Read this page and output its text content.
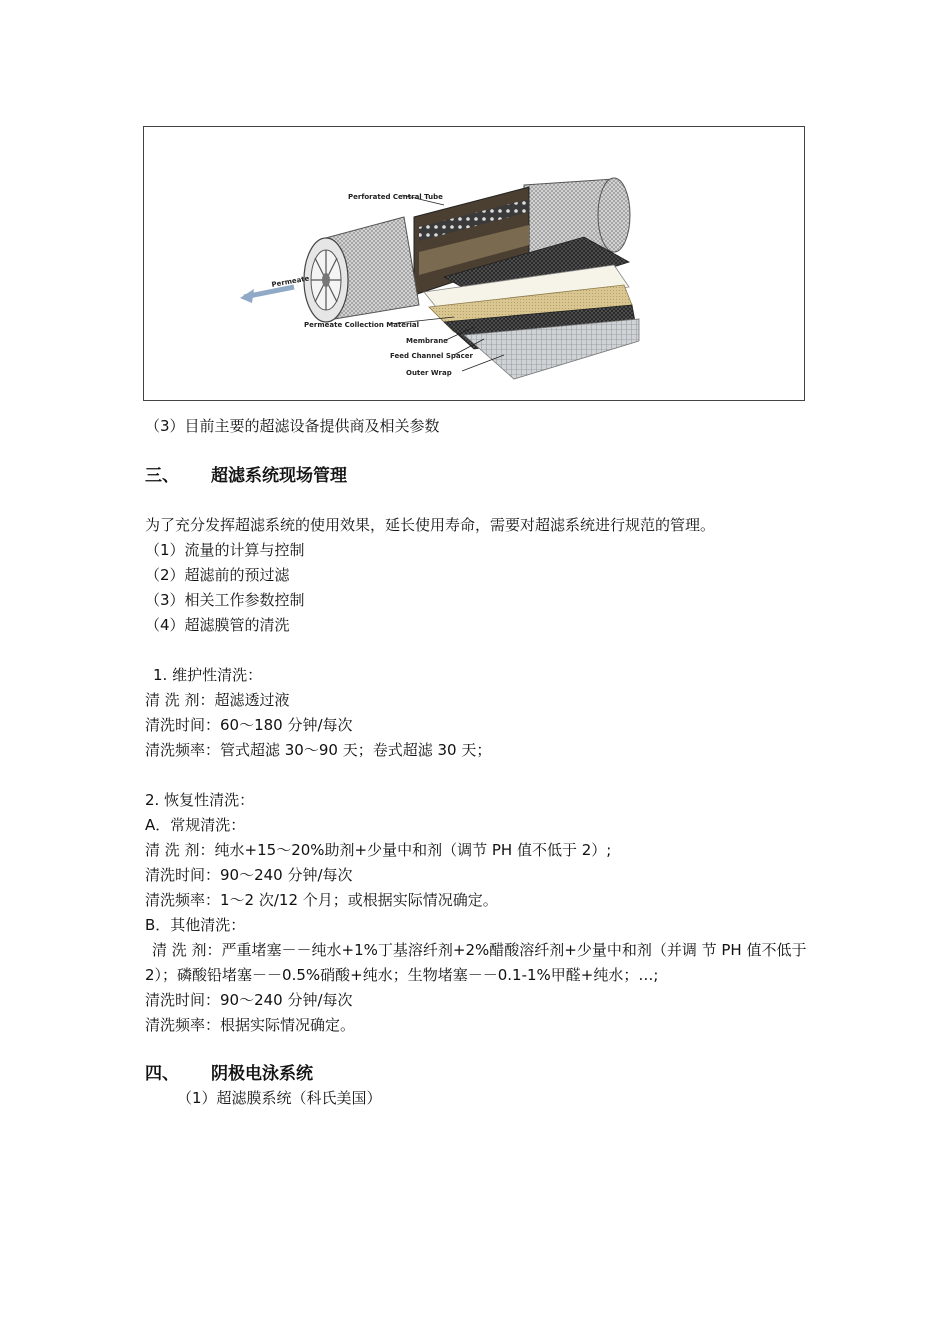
Perforated Central Tube
Permeate
Permeate Collection Material
Membrane
Feed Channel Spacer
Outer Wrap
（3）目前主要的超滤设备提供商及相关参数
三、 超滤系统现场管理
为了充分发挥超滤系统的使用效果，延长使用寿命，需要对超滤系统进行规范的管理。
（1）流量的计算与控制
（2）超滤前的预过滤
（3）相关工作参数控制
（4）超滤膜管的清洗
1. 维护性清洗：
清 洗 剂：超滤透过液
清洗时间：60～180 分钟/每次
清洗频率：管式超滤 30～90 天；卷式超滤 30 天；
2. 恢复性清洗：
A．常规清洗：
清 洗 剂：纯水+15～20%助剂+少量中和剂（调节 PH 值不低于 2）;
清洗时间：90～240 分钟/每次
清洗频率：1～2 次/12 个月；或根据实际情况确定。
B．其他清洗：
清 洗 剂：严重堵塞－－纯水+1%丁基溶纤剂+2%醋酸溶纤剂+少量中和剂（并调 节 PH 值不低于 2）；磷酸铅堵塞－－0.5%硝酸+纯水；生物堵塞－－0.1-1%甲醛+纯水；…;
清洗时间：90～240 分钟/每次
清洗频率：根据实际情况确定。
四、 阴极电泳系统
（1）超滤膜系统（科氏美国）
